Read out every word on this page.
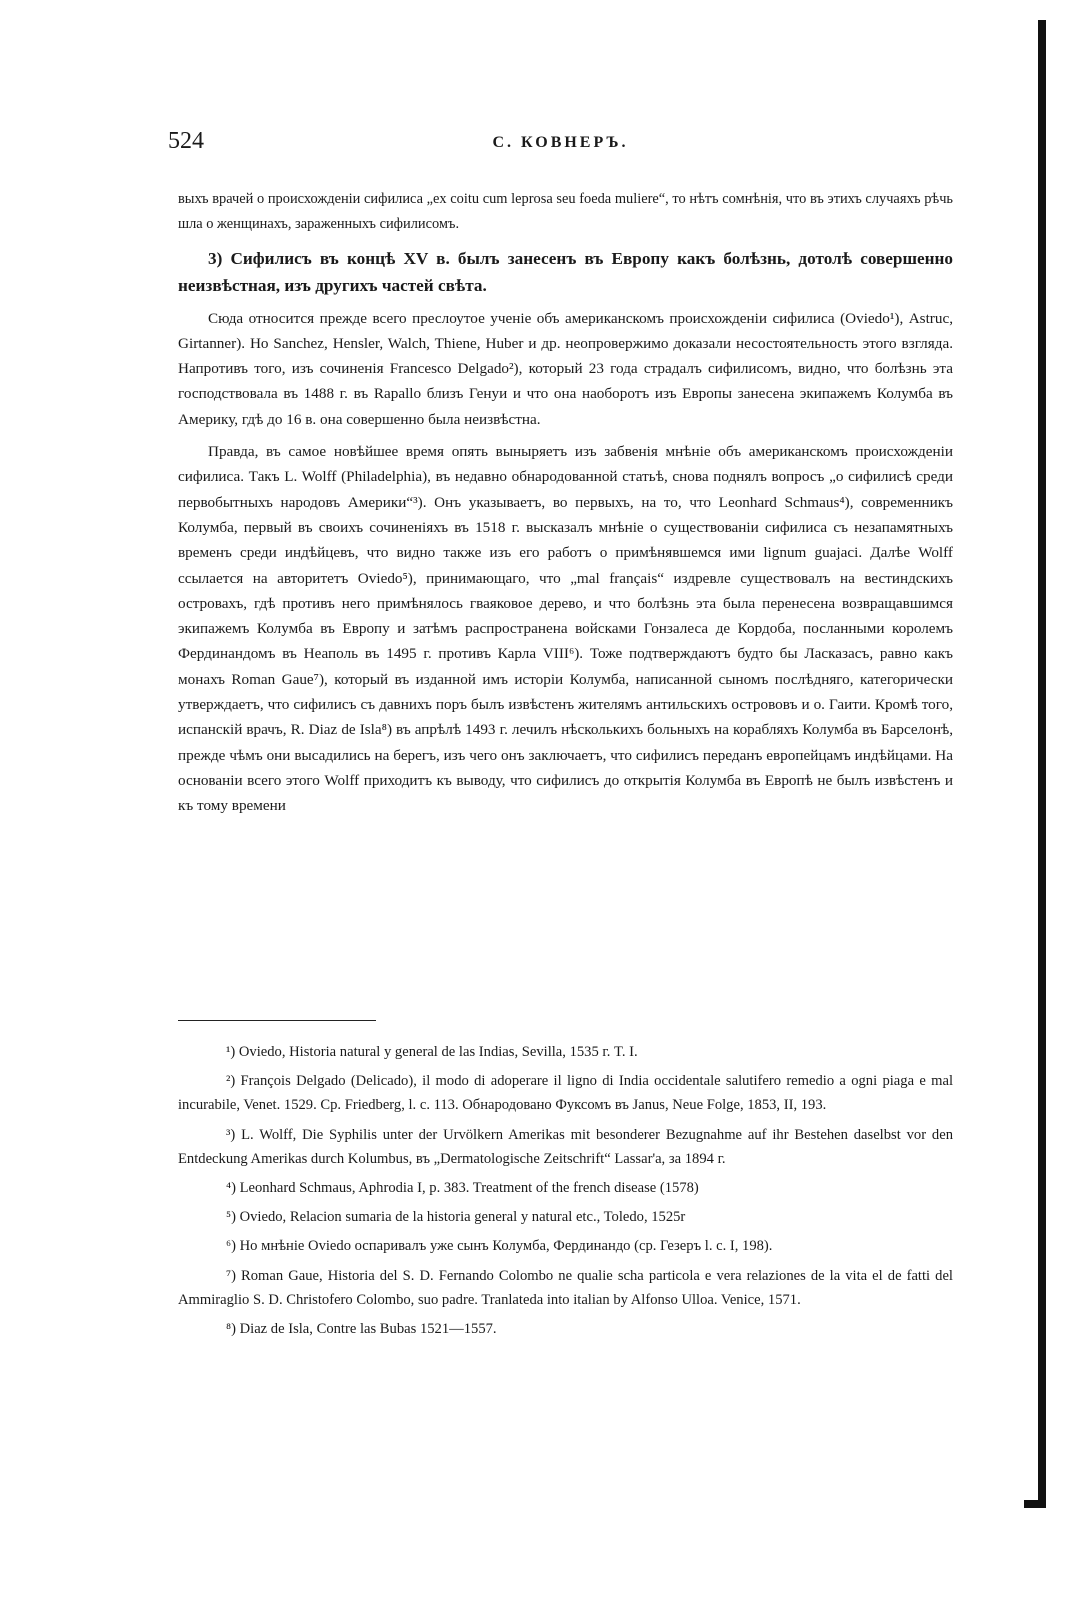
524	С. КОВНЕРЪ.

выхъ врачей о происхожденіи сифилиса „ex coitu cum leprosa seu foeda muliere“, то нѣтъ сомнѣнія, что въ этихъ случаяхъ рѣчь шла о женщинахъ, зараженныхъ сифилисомъ.

3) Сифилисъ въ концѣ XV в. былъ занесенъ въ Европу какъ болѣзнь, дотолѣ совершенно неизвѣстная, изъ другихъ частей свѣта.

Сюда относится прежде всего преслоутое ученіе объ американскомъ происхожденіи сифилиса (Oviedo¹), Astruc, Girtanner). Но Sanchez, Hensler, Walch, Thiene, Huber и др. неопровержимо доказали несостоятельность этого взгляда. Напротивъ того, изъ сочиненія Francesco Delgado²), который 23 года страдалъ сифилисомъ, видно, что болѣзнь эта господствовала въ 1488 г. въ Rapallo близъ Генуи и что она наоборотъ изъ Европы занесена экипажемъ Колумба въ Америку, гдѣ до 16 в. она совершенно была неизвѣстна.

Правда, въ самое новѣйшее время опять выныряетъ изъ забвенія мнѣніе объ американскомъ происхожденіи сифилиса. Такъ L. Wolff (Philadelphia), въ недавно обнародованной статьѣ, снова поднялъ вопросъ „о сифилисѣ среди первобытныхъ народовъ Америки“³). Онъ указываетъ, во первыхъ, на то, что Leonhard Schmaus⁴), современникъ Колумба, первый въ своихъ сочиненіяхъ въ 1518 г. высказалъ мнѣніе о существованіи сифилиса съ незапамятныхъ временъ среди индѣйцевъ, что видно также изъ его работъ о примѣнявшемся ими lignum guajaci. Далѣе Wolff ссылается на авторитетъ Oviedo⁵), принимающаго, что „mal français“ издревле существовалъ на вестиндскихъ островахъ, гдѣ противъ него примѣнялось гваяковое дерево, и что болѣзнь эта была перенесена возвращавшимся экипажемъ Колумба въ Европу и затѣмъ распространена войсками Гонзалеса де Кордоба, посланными королемъ Фердинандомъ въ Неаполь въ 1495 г. противъ Карла VIII⁶). Тоже подтверждаютъ будто бы Ласказасъ, равно какъ монахъ Roman Gaue⁷), который въ изданной имъ исторіи Колумба, написанной сыномъ послѣдняго, категорически утверждаетъ, что сифилисъ съ давнихъ поръ былъ извѣстенъ жителямъ антильскихъ острововъ и о. Гаити. Кромѣ того, испанскій врачъ, R. Diaz de Isla⁸) въ апрѣлѣ 1493 г. лечилъ нѣсколькихъ больныхъ на корабляхъ Колумба въ Барселонѣ, прежде чѣмъ они высадились на берегъ, изъ чего онъ заключаетъ, что сифилисъ переданъ европейцамъ индѣйцами. На основаніи всего этого Wolff приходитъ къ выводу, что сифилисъ до открытія Колумба въ Европѣ не былъ извѣстенъ и къ тому времени

¹) Oviedo, Historia natural y general de las Indias, Sevilla, 1535 г. T. I.

²) François Delgado (Delicado), il modo di adoperare il ligno di India occidentale salutifero remedio a ogni piaga e mal incurabile, Venet. 1529. Ср. Friedberg, l. c. 113. Обнародовано Фуксомъ въ Janus, Neue Folge, 1853, II, 193.

³) L. Wolff, Die Syphilis unter der Urvölkern Amerikas mit besonderer Bezugnahme auf ihr Bestehen daselbst vor den Entdeckung Amerikas durch Kolumbus, въ „Dermatologische Zeitschrift“ Lassar'а, за 1894 г.

⁴) Leonhard Schmaus, Aphrodia I, p. 383. Treatment of the french disease (1578)

⁵) Oviedo, Relacion sumaria de la historia general y natural etc., Toledo, 1525r

⁶) Но мнѣніе Oviedo оспаривалъ уже сынъ Колумба, Фердинандо (ср. Гезеръ l. c. I, 198).

⁷) Roman Gaue, Historia del S. D. Fernando Colombo ne qualie scha particola e vera relaziones de la vita el de fatti del Ammiraglio S. D. Christofero Colombo, suo padre. Tranlateda into italian by Alfonso Ulloa. Venice, 1571.

⁸) Diaz de Isla, Contre las Bubas 1521—1557.
